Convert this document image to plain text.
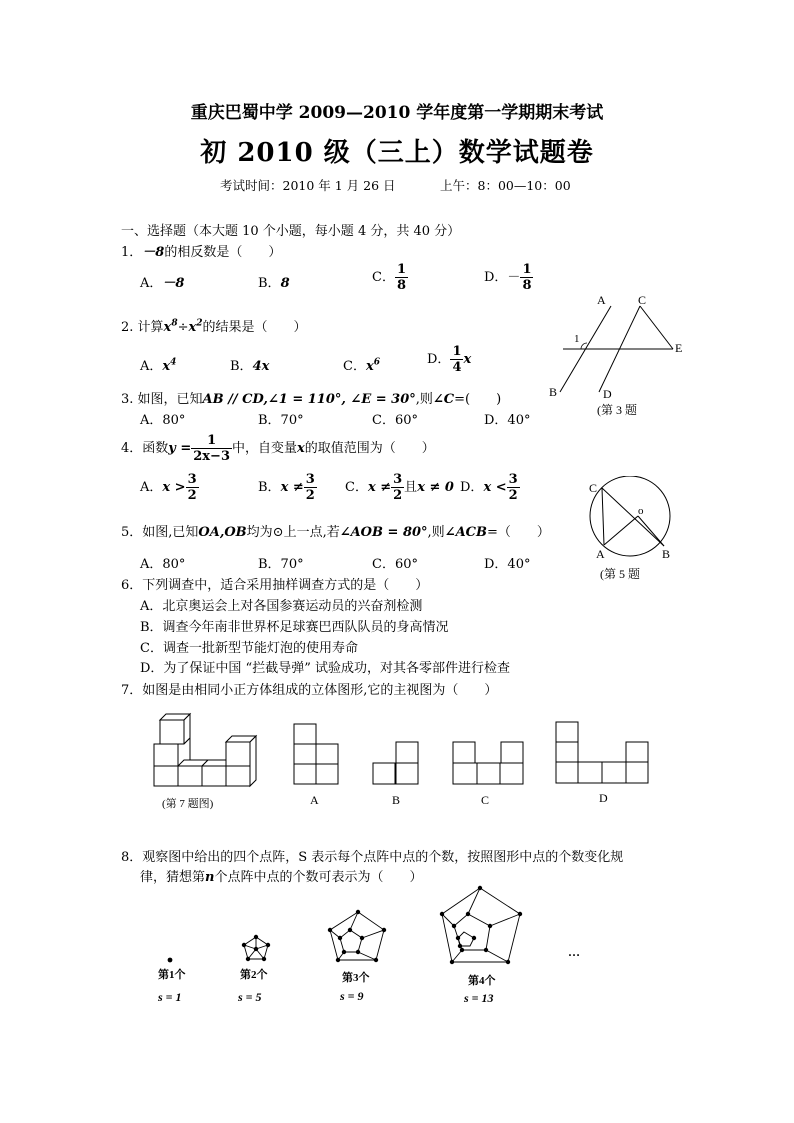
重庆巴蜀中学 2009—2010 学年度第一学期期末考试
初 2010 级（三上）数学试题卷
考试时间：2010 年 1 月 26 日	上午：8：00—10：00
一、选择题（本大题 10 个小题，每小题 4 分，共 40 分）
1．－8的相反数是（　　）
A．－8	B．8	C． $\frac{1}{8}$	D．－ $\frac{1}{8}$
2. 计算$x^8\div x^2$的结果是（　　）
A．$x^4$	B．4x	C．$x^6$	D． $\frac{1}{4}$ x
3. 如图，已知AB // CD,∠1 = 110°, ∠E = 30°,则∠C=(　　)
A．80°	B．70°	C．60°	D．40°
A	C
1
E
B	D
(第 3 题
4．函数$y = \frac{1}{2x-3}$ 中，自变量x的取值范围为（　　）
A．$x > \frac{3}{2}$	B．$x \ne \frac{3}{2}$ C．$x \ne \frac{3}{2}$ 且x ≠ 0 D．$x < \frac{3}{2}$
5．如图,已知OA,OB均为⊙上一点,若∠AOB = 80°,则∠ACB=（　　）
A．80°	B．70°	C．60°	D．40°
C
o
A	B
(第 5 题
6．下列调查中，适合采用抽样调查方式的是（　　）
A．北京奥运会上对各国参赛运动员的兴奋剂检测
B．调查今年南非世界杯足球赛巴西队队员的身高情况
C．调查一批新型节能灯泡的使用寿命
D．为了保证中国 “拦截导弹” 试验成功，对其各零部件进行检查
7．如图是由相同小正方体组成的立体图形,它的主视图为（　　）
(第 7 题图)	A	B	C	D
8．观察图中给出的四个点阵，S 表示每个点阵中点的个数，按照图形中点的个数变化规
律，猜想第n个点阵中点的个数可表示为（　　）
第1个
s = 1
第2个
s = 5
第3个
s = 9
第4个
s = 13
…
